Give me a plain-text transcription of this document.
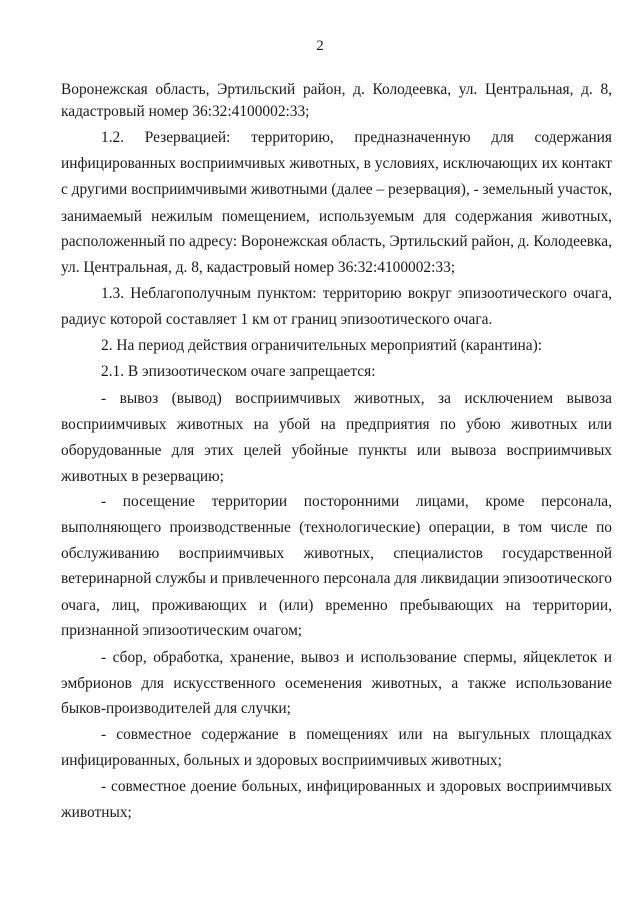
2
Воронежская область, Эртильский район, д. Колодеевка, ул. Центральная, д. 8,
кадастровый номер 36:32:4100002:33;
1.2. Резервацией: территорию, предназначенную для содержания
инфицированных восприимчивых животных, в условиях, исключающих их контакт
с другими восприимчивыми животными (далее – резервация), - земельный участок,
занимаемый нежилым помещением, используемым для содержания животных,
расположенный по адресу: Воронежская область, Эртильский район, д. Колодеевка,
ул. Центральная, д. 8, кадастровый номер 36:32:4100002:33;
1.3. Неблагополучным пунктом: территорию вокруг эпизоотического очага,
радиус которой составляет 1 км от границ эпизоотического очага.
2. На период действия ограничительных мероприятий (карантина):
2.1. В эпизоотическом очаге запрещается:
- вывоз (вывод) восприимчивых животных, за исключением вывоза
восприимчивых животных на убой на предприятия по убою животных или
оборудованные для этих целей убойные пункты или вывоза восприимчивых
животных в резервацию;
- посещение территории посторонними лицами, кроме персонала,
выполняющего производственные (технологические) операции, в том числе по
обслуживанию восприимчивых животных, специалистов государственной
ветеринарной службы и привлеченного персонала для ликвидации эпизоотического
очага, лиц, проживающих и (или) временно пребывающих на территории,
признанной эпизоотическим очагом;
- сбор, обработка, хранение, вывоз и использование спермы, яйцеклеток и
эмбрионов для искусственного осеменения животных, а также использование
быков-производителей для случки;
- совместное содержание в помещениях или на выгульных площадках
инфицированных, больных и здоровых восприимчивых животных;
- совместное доение больных, инфицированных и здоровых восприимчивых
животных;
